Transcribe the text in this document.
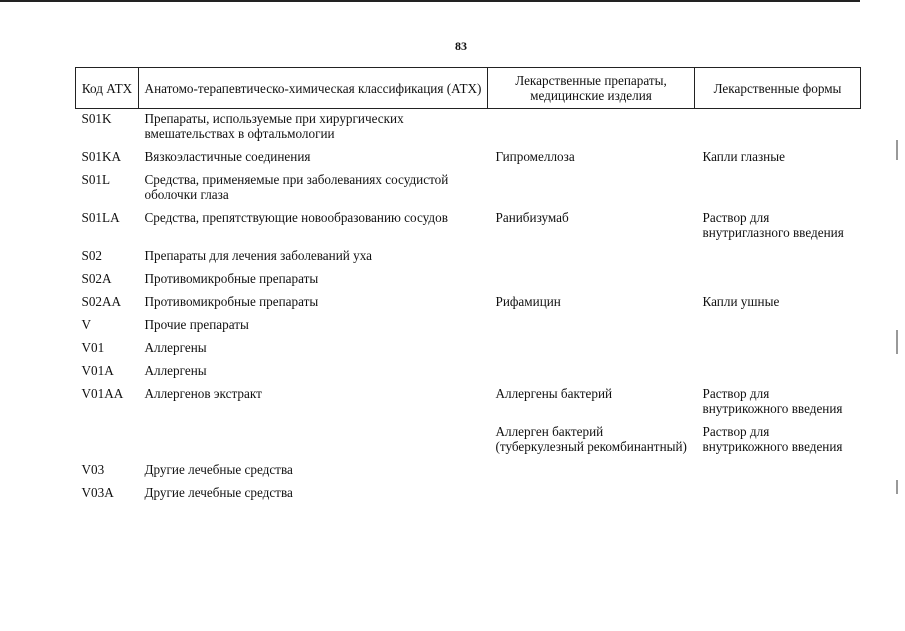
83
Код АТХ	Анатомо-терапевтическо-химическая классификация (АТХ)	Лекарственные препараты, медицинские изделия	Лекарственные формы
S01K	Препараты, используемые при хирургических вмешательствах в офтальмологии		
S01KA	Вязкоэластичные соединения	Гипромеллоза	Капли глазные
S01L	Средства, применяемые при заболеваниях сосудистой оболочки глаза		
S01LA	Средства, препятствующие новообразованию сосудов	Ранибизумаб	Раствор для внутриглазного введения
S02	Препараты для лечения заболеваний уха		
S02A	Противомикробные препараты		
S02AA	Противомикробные препараты	Рифамицин	Капли ушные
V	Прочие препараты		
V01	Аллергены		
V01A	Аллергены		
V01AA	Аллергенов экстракт	Аллергены бактерий	Раствор для внутрикожного введения
		Аллерген бактерий (туберкулезный рекомбинантный)	Раствор для внутрикожного введения
V03	Другие лечебные средства		
V03A	Другие лечебные средства		
